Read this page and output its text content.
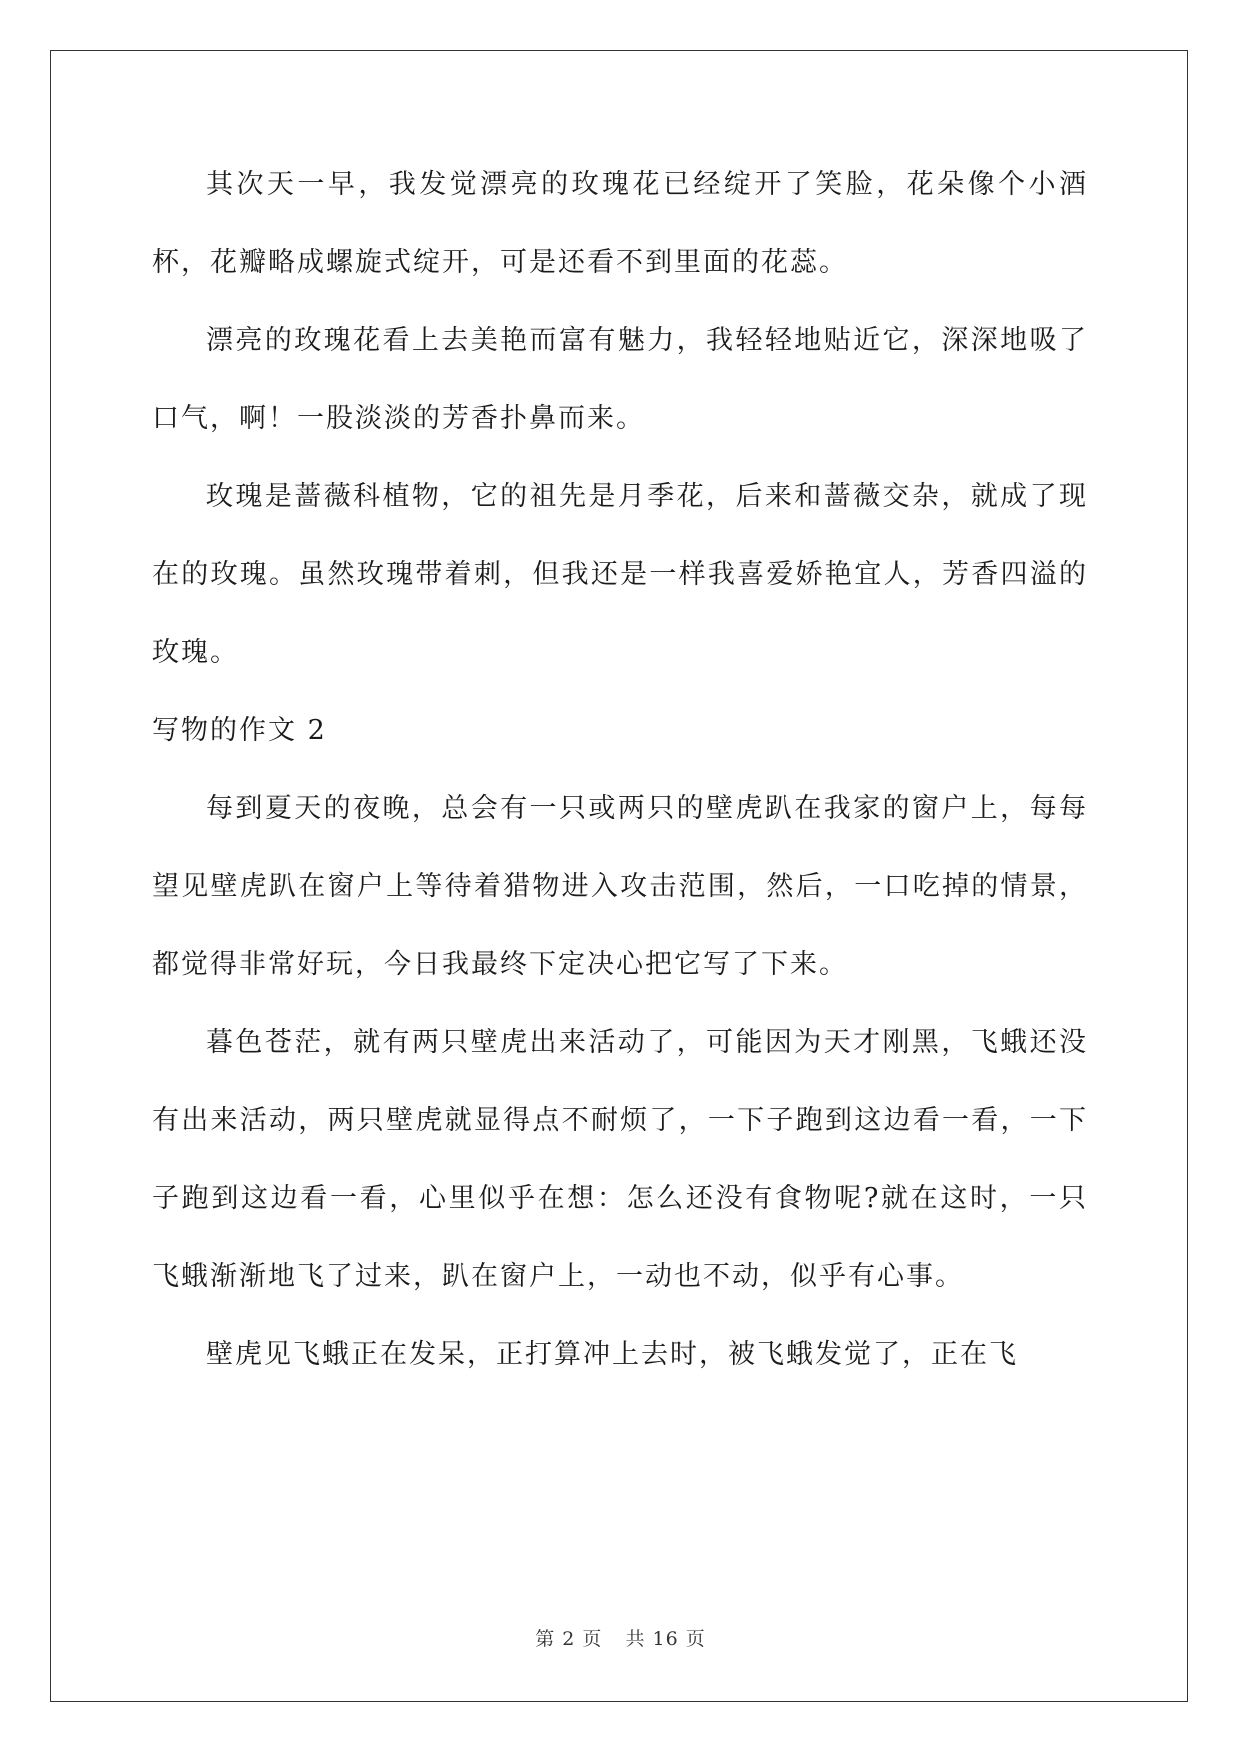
其次天一早，我发觉漂亮的玫瑰花已经绽开了笑脸，花朵像个小酒杯，花瓣略成螺旋式绽开，可是还看不到里面的花蕊。

漂亮的玫瑰花看上去美艳而富有魅力，我轻轻地贴近它，深深地吸了口气，啊！一股淡淡的芳香扑鼻而来。

玫瑰是蔷薇科植物，它的祖先是月季花，后来和蔷薇交杂，就成了现在的玫瑰。虽然玫瑰带着刺，但我还是一样我喜爱娇艳宜人，芳香四溢的玫瑰。

写物的作文 2

每到夏天的夜晚，总会有一只或两只的壁虎趴在我家的窗户上，每每望见壁虎趴在窗户上等待着猎物进入攻击范围，然后，一口吃掉的情景，都觉得非常好玩，今日我最终下定决心把它写了下来。

暮色苍茫，就有两只壁虎出来活动了，可能因为天才刚黑，飞蛾还没有出来活动，两只壁虎就显得点不耐烦了，一下子跑到这边看一看，一下子跑到这边看一看，心里似乎在想：怎么还没有食物呢?就在这时，一只飞蛾渐渐地飞了过来，趴在窗户上，一动也不动，似乎有心事。

壁虎见飞蛾正在发呆，正打算冲上去时，被飞蛾发觉了，正在飞

第 2 页 共 16 页
